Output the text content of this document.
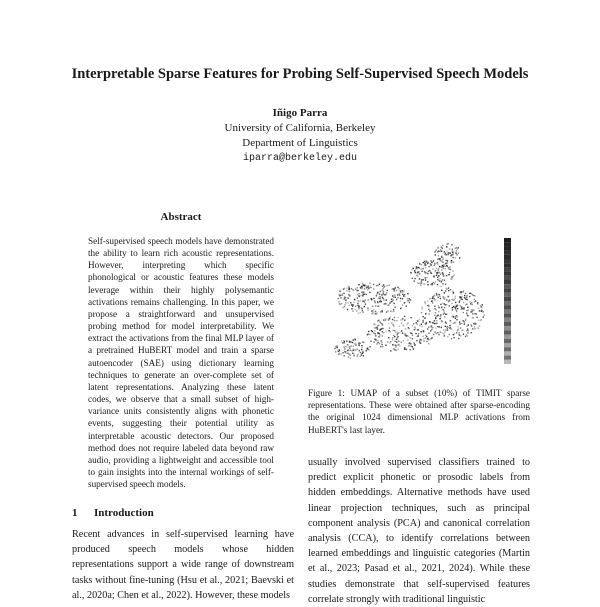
Interpretable Sparse Features for Probing Self-Supervised Speech Models
Iñigo Parra
University of California, Berkeley
Department of Linguistics
iparra@berkeley.edu
Abstract

Self-supervised speech models have demonstrated the ability to learn rich acoustic representations. However, interpreting which specific phonological or acoustic features these models leverage within their highly polysemantic activations remains challenging. In this paper, we propose a straightforward and unsupervised probing method for model interpretability. We extract the activations from the final MLP layer of a pretrained HuBERT model and train a sparse autoencoder (SAE) using dictionary learning techniques to generate an over-complete set of latent representations. Analyzing these latent codes, we observe that a small subset of high-variance units consistently aligns with phonetic events, suggesting their potential utility as interpretable acoustic detectors. Our proposed method does not require labeled data beyond raw audio, providing a lightweight and accessible tool to gain insights into the internal workings of self-supervised speech models.

1 Introduction

Recent advances in self-supervised learning have produced speech models whose hidden representations support a wide range of downstream tasks without fine-tuning (Hsu et al., 2021; Baevski et al., 2020a; Chen et al., 2022). However, these models

Figure 1: UMAP of a subset (10%) of TIMIT sparse representations. These were obtained after sparse-encoding the original 1024 dimensional MLP activations from HuBERT's last layer.

usually involved supervised classifiers trained to predict explicit phonetic or prosodic labels from hidden embeddings. Alternative methods have used linear projection techniques, such as principal component analysis (PCA) and canonical correlation analysis (CCA), to identify correlations between learned embeddings and linguistic categories (Martin et al., 2023; Pasad et al., 2021, 2024). While these studies demonstrate that self-supervised features correlate strongly with traditional linguistic
